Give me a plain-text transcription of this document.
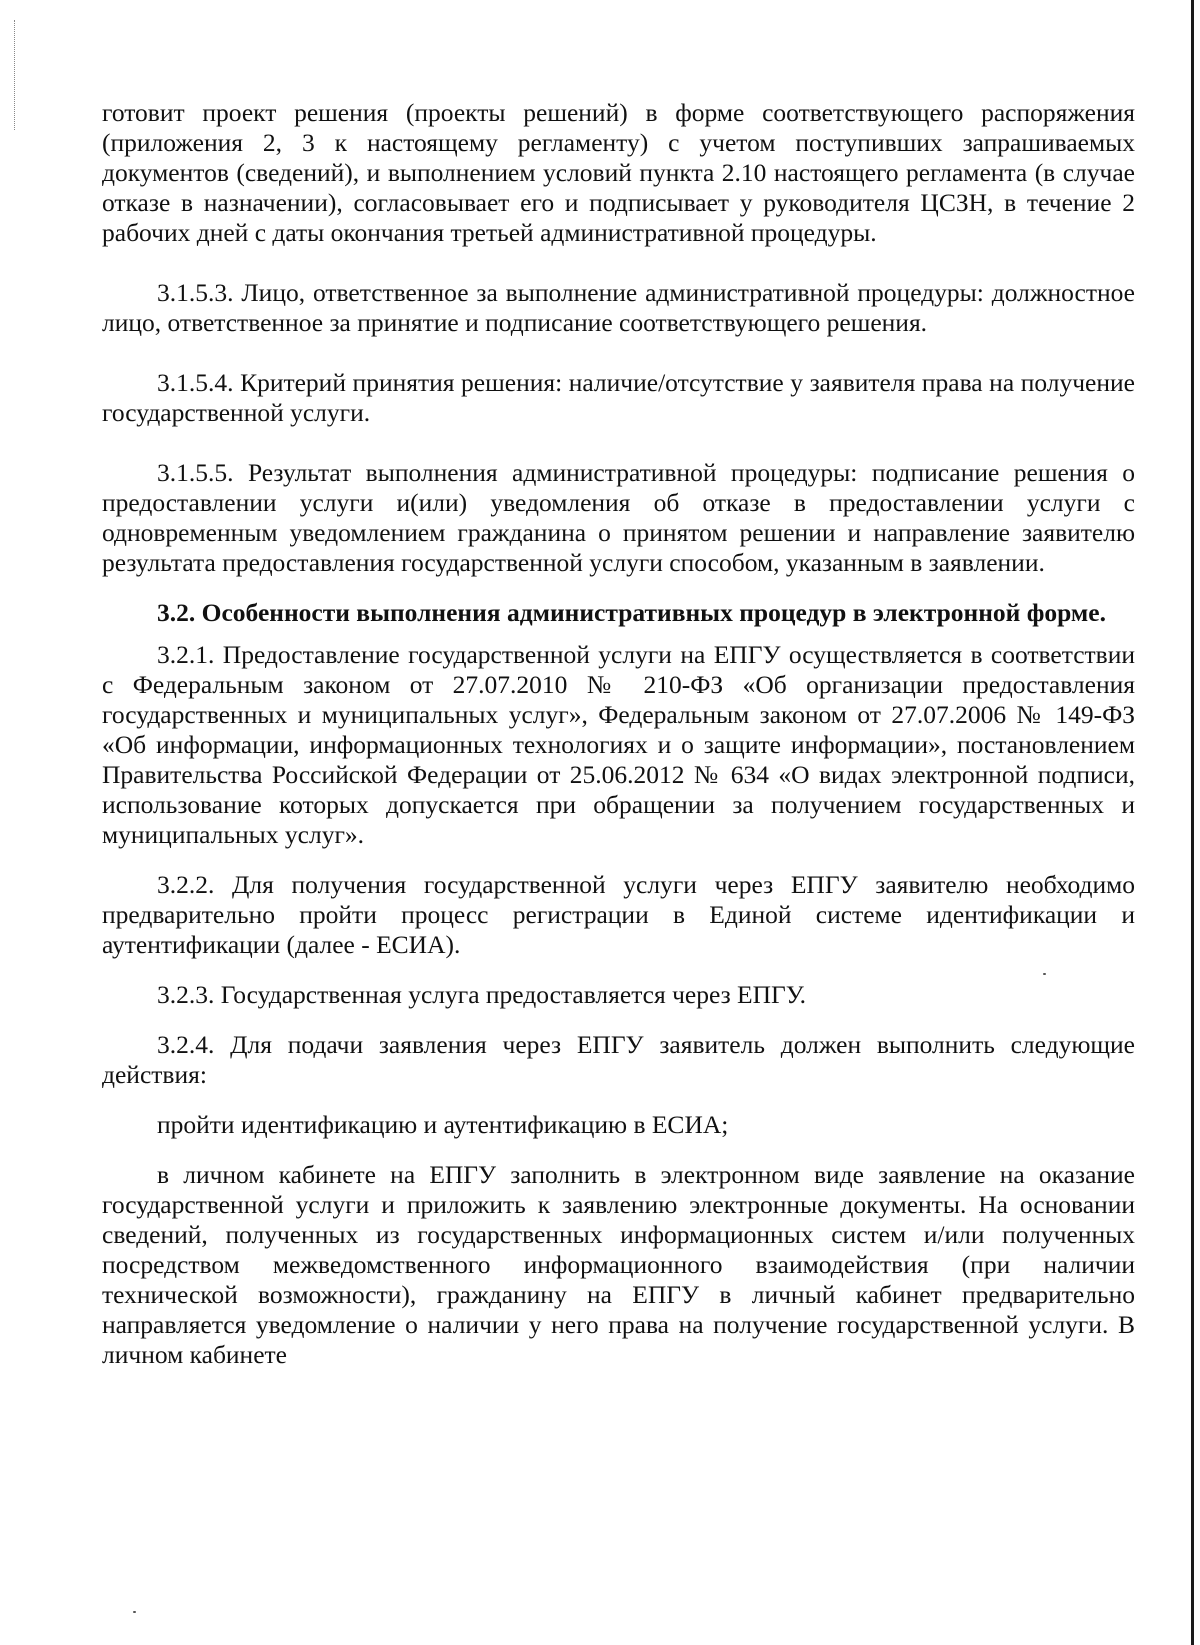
готовит проект решения (проекты решений) в форме соответствующего распоряжения (приложения 2, 3 к настоящему регламенту) с учетом поступивших запрашиваемых документов (сведений), и выполнением условий пункта 2.10 настоящего регламента (в случае отказе в назначении), согласовывает его и подписывает у руководителя ЦСЗН, в течение 2 рабочих дней с даты окончания третьей административной процедуры.

3.1.5.3. Лицо, ответственное за выполнение административной процедуры: должностное лицо, ответственное за принятие и подписание соответствующего решения.

3.1.5.4. Критерий принятия решения: наличие/отсутствие у заявителя права на получение государственной услуги.

3.1.5.5. Результат выполнения административной процедуры: подписание решения о предоставлении услуги и(или) уведомления об отказе в предоставлении услуги с одновременным уведомлением гражданина о принятом решении и направление заявителю результата предоставления государственной услуги способом, указанным в заявлении.

3.2. Особенности выполнения административных процедур в электронной форме.

3.2.1. Предоставление государственной услуги на ЕПГУ осуществляется в соответствии с Федеральным законом от 27.07.2010 № 210-ФЗ «Об организации предоставления государственных и муниципальных услуг», Федеральным законом от 27.07.2006 № 149-ФЗ «Об информации, информационных технологиях и о защите информации», постановлением Правительства Российской Федерации от 25.06.2012 № 634 «О видах электронной подписи, использование которых допускается при обращении за получением государственных и муниципальных услуг».

3.2.2. Для получения государственной услуги через ЕПГУ заявителю необходимо предварительно пройти процесс регистрации в Единой системе идентификации и аутентификации (далее - ЕСИА).

3.2.3. Государственная услуга предоставляется через ЕПГУ.

3.2.4. Для подачи заявления через ЕПГУ заявитель должен выполнить следующие действия:

пройти идентификацию и аутентификацию в ЕСИА;

в личном кабинете на ЕПГУ заполнить в электронном виде заявление на оказание государственной услуги и приложить к заявлению электронные документы. На основании сведений, полученных из государственных информационных систем и/или полученных посредством межведомственного информационного взаимодействия (при наличии технической возможности), гражданину на ЕПГУ в личный кабинет предварительно направляется уведомление о наличии у него права на получение государственной услуги. В личном кабинете
